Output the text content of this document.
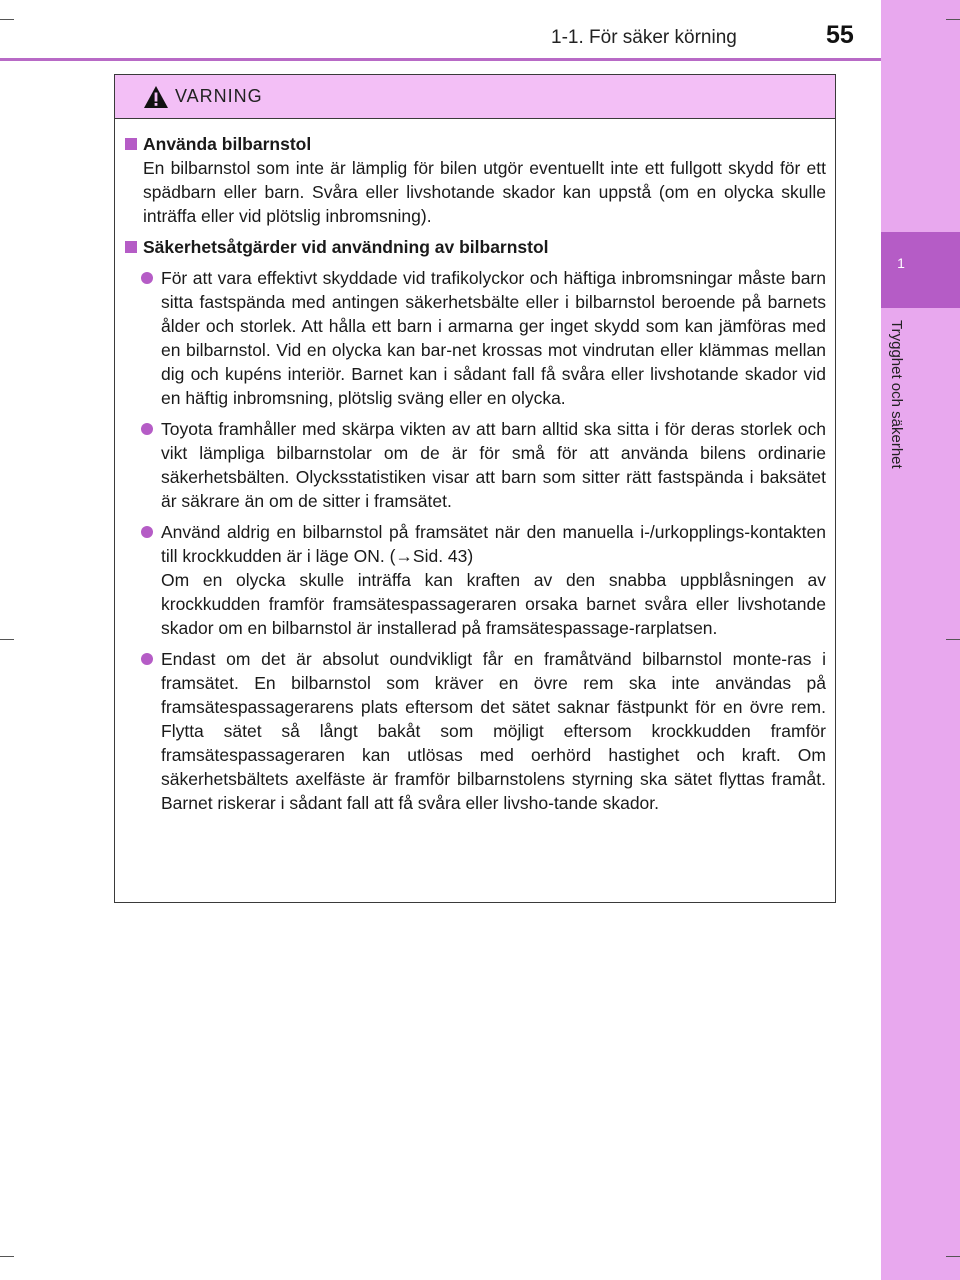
1
Trygghet och säkerhet
1-1. För säker körning	55
VARNING
Använda bilbarnstol
En bilbarnstol som inte är lämplig för bilen utgör eventuellt inte ett fullgott skydd för ett spädbarn eller barn. Svåra eller livshotande skador kan uppstå (om en olycka skulle inträffa eller vid plötslig inbromsning).
Säkerhetsåtgärder vid användning av bilbarnstol
För att vara effektivt skyddade vid trafikolyckor och häftiga inbromsningar måste barn sitta fastspända med antingen säkerhetsbälte eller i bilbarnstol beroende på barnets ålder och storlek. Att hålla ett barn i armarna ger inget skydd som kan jämföras med en bilbarnstol. Vid en olycka kan bar-net krossas mot vindrutan eller klämmas mellan dig och kupéns interiör. Barnet kan i sådant fall få svåra eller livshotande skador vid en häftig inbromsning, plötslig sväng eller en olycka.
Toyota framhåller med skärpa vikten av att barn alltid ska sitta i för deras storlek och vikt lämpliga bilbarnstolar om de är för små för att använda bilens ordinarie säkerhetsbälten. Olycksstatistiken visar att barn som sitter rätt fastspända i baksätet är säkrare än om de sitter i framsätet.
Använd aldrig en bilbarnstol på framsätet när den manuella i-/urkopplings-kontakten till krockkudden är i läge ON. (→Sid. 43)
Om en olycka skulle inträffa kan kraften av den snabba uppblåsningen av krockkudden framför framsätespassageraren orsaka barnet svåra eller livshotande skador om en bilbarnstol är installerad på framsätespassage-rarplatsen.
Endast om det är absolut oundvikligt får en framåtvänd bilbarnstol monte-ras i framsätet. En bilbarnstol som kräver en övre rem ska inte användas på framsätespassagerarens plats eftersom det sätet saknar fästpunkt för en övre rem. Flytta sätet så långt bakåt som möjligt eftersom krockkudden framför framsätespassageraren kan utlösas med oerhörd hastighet och kraft. Om säkerhetsbältets axelfäste är framför bilbarnstolens styrning ska sätet flyttas framåt. Barnet riskerar i sådant fall att få svåra eller livsho-tande skador.
